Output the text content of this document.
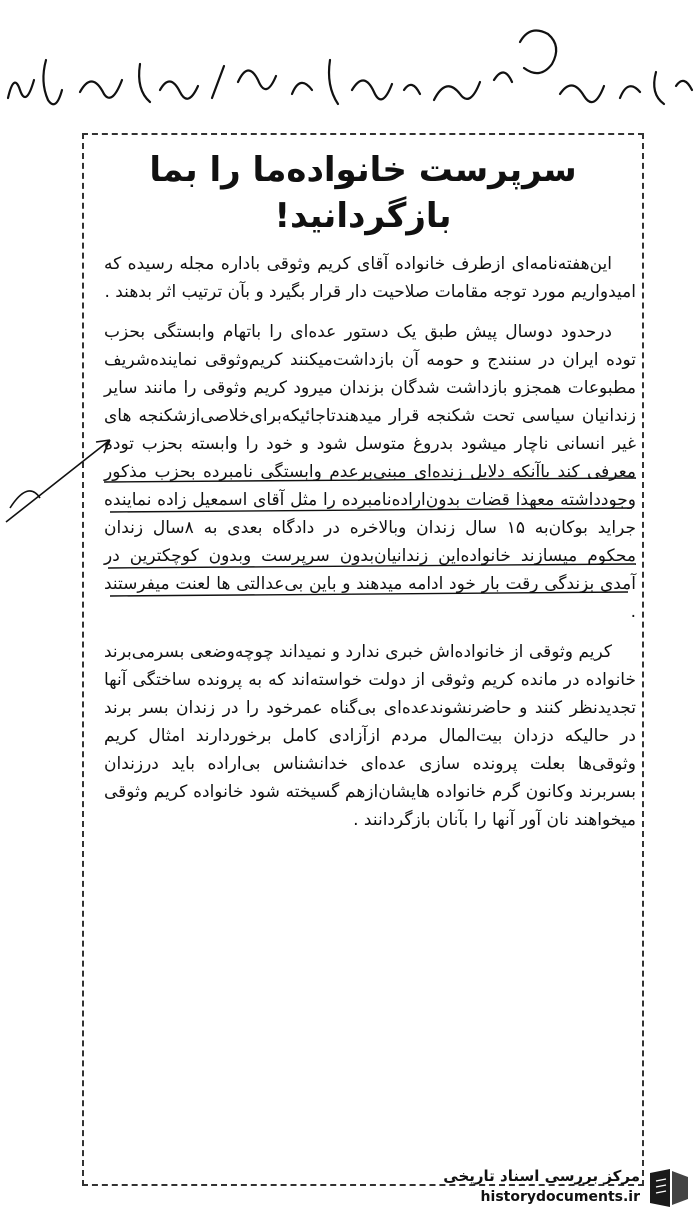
سرپرست خانواده‌ما را بما
بازگردانید!

این‌هفته‌نامه‌ای ازطرف خانواده آقای کریم وثوقی باداره مجله رسیده که امیدواریم مورد توجه مقامات صلاحیت دار قرار بگیرد و بآن ترتیب اثر بدهند .

درحدود دوسال پیش طبق یک دستور عده‌ای را باتهام وابستگی بحزب توده ایران در سنندج و حومه آن بازداشت‌میکنند کریم‌وثوقی نماینده‌شریف مطبوعات همجزو بازداشت شدگان بزندان میرود کریم وثوقی را مانند سایر زندانیان سیاسی تحت شکنجه قرار میدهند‌تاجائیکه‌برای‌خلاصی‌ازشکنجه های غیر انسانی ناچار میشود بدروغ متوسل شود و خود را وابسته بحزب توده معرفی کند باآنکه دلایل زنده‌ای مبنی‌بر‌عدم وابستگی نامبرده بحزب مذکور وجودداشته معهذا قضات بدون‌اراده‌نامبرده را مثل آقای اسمعیل زاده نماینده جراید بوکان‌به ۱۵ سال زندان وبالاخره در دادگاه بعدی به ۸سال زندان محکوم میسازند خانواده‌این زندانیان‌بدون سرپرست وبدون کوچکترین در آمدی بزندگی رقت بار خود ادامه میدهند و باین بی‌عدالتی ها لعنت میفرستند .

کریم وثوقی از خانواده‌اش خبری ندارد و نمیداند چوچه‌وضعی بسرمی‌برند خانواده در مانده کریم وثوقی از دولت خواسته‌اند که به پرونده ساختگی آنها تجدیدنظر کنند و حاضرنشوندعده‌ای بی‌گناه عمرخود را در زندان بسر برند در حالیکه دزدان بیت‌المال مردم ازآزادی کامل برخوردارند امثال کریم وثوقی‌ها بعلت پرونده سازی عده‌ای خدانشناس بی‌اراده باید درزندان بسربرند وکانون گرم خانواده هایشان‌ازهم گسیخته شود خانواده کریم وثوقی میخواهند نان آور آنها را بآنان بازگردانند .

مرکز بررسی اسناد تاریخی
historydocuments.ir
